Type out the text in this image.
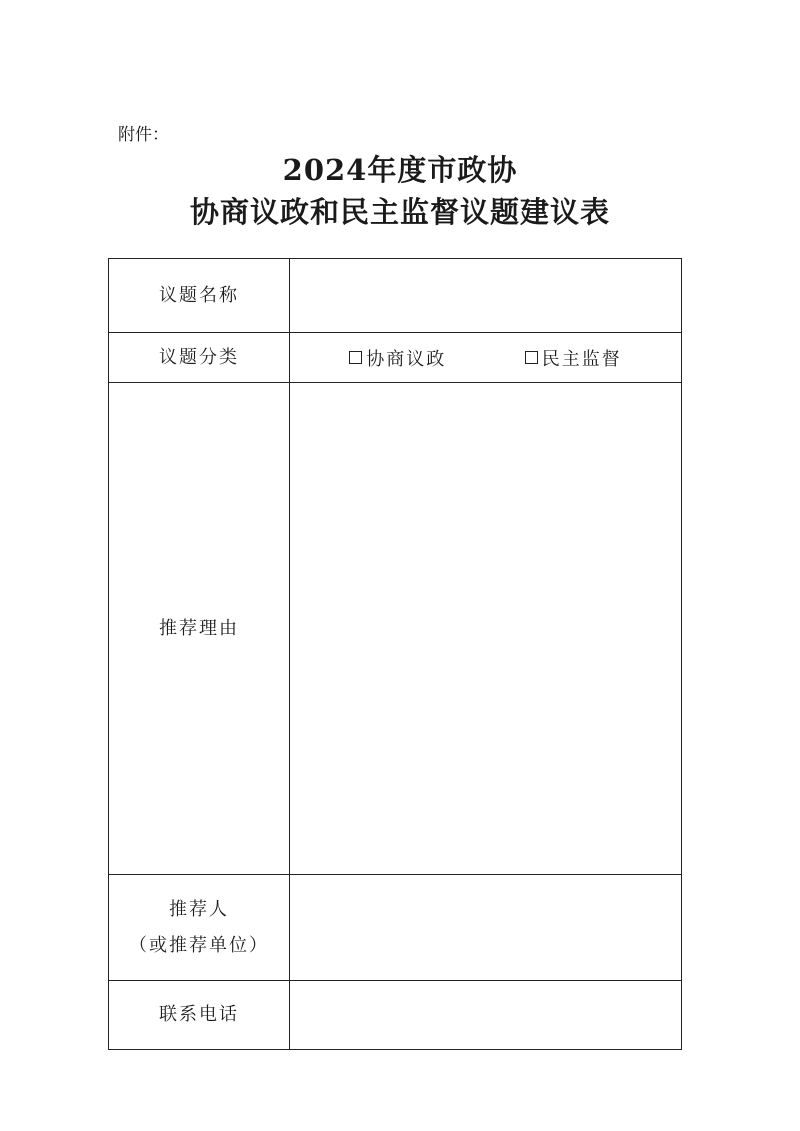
附件：
2024年度市政协
协商议政和民主监督议题建议表
议题名称
议题分类	协商议政	民主监督
推荐理由
推荐人
（或推荐单位）
联系电话
